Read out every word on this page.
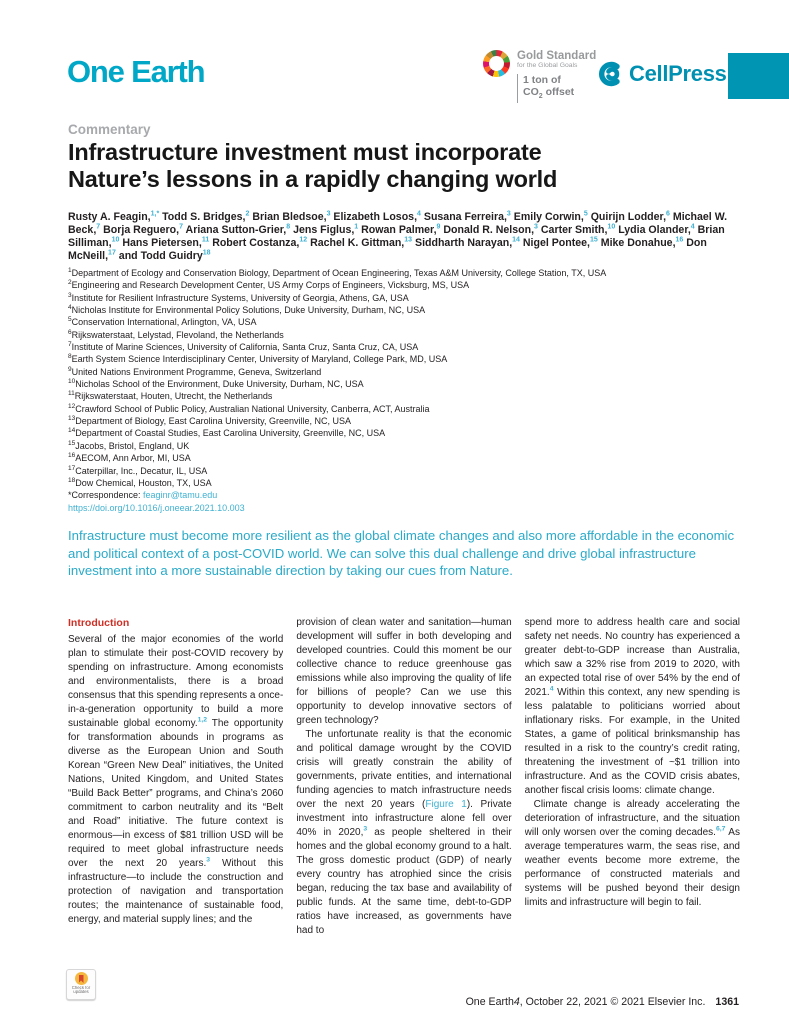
One Earth	Gold Standard
for the Global Goals
1 ton of
$CO_2$ offset
CellPress
Commentary
Infrastructure investment must incorporate
Nature’s lessons in a rapidly changing world
Rusty A. Feagin,$^{1,*}$ Todd S. Bridges,$^2$ Brian Bledsoe,$^3$ Elizabeth Losos,$^4$ Susana Ferreira,$^3$ Emily Corwin,$^5$ Quirijn Lodder,$^6$ Michael W. Beck,$^7$ Borja Reguero,$^7$ Ariana Sutton-Grier,$^8$ Jens Figlus,$^1$ Rowan Palmer,$^9$ Donald R. Nelson,$^3$ Carter Smith,$^{10}$ Lydia Olander,$^4$ Brian Silliman,$^{10}$ Hans Pietersen,$^{11}$ Robert Costanza,$^{12}$ Rachel K. Gittman,$^{13}$ Siddharth Narayan,$^{14}$ Nigel Pontee,$^{15}$ Mike Donahue,$^{16}$ Don McNeill,$^{17}$ and Todd Guidry$^{18}$
$^1$Department of Ecology and Conservation Biology, Department of Ocean Engineering, Texas A&M University, College Station, TX, USA
$^2$Engineering and Research Development Center, US Army Corps of Engineers, Vicksburg, MS, USA
$^3$Institute for Resilient Infrastructure Systems, University of Georgia, Athens, GA, USA
$^4$Nicholas Institute for Environmental Policy Solutions, Duke University, Durham, NC, USA
$^5$Conservation International, Arlington, VA, USA
$^6$Rijkswaterstaat, Lelystad, Flevoland, the Netherlands
$^7$Institute of Marine Sciences, University of California, Santa Cruz, Santa Cruz, CA, USA
$^8$Earth System Science Interdisciplinary Center, University of Maryland, College Park, MD, USA
$^9$United Nations Environment Programme, Geneva, Switzerland
$^{10}$Nicholas School of the Environment, Duke University, Durham, NC, USA
$^{11}$Rijkswaterstaat, Houten, Utrecht, the Netherlands
$^{12}$Crawford School of Public Policy, Australian National University, Canberra, ACT, Australia
$^{13}$Department of Biology, East Carolina University, Greenville, NC, USA
$^{14}$Department of Coastal Studies, East Carolina University, Greenville, NC, USA
$^{15}$Jacobs, Bristol, England, UK
$^{16}$AECOM, Ann Arbor, MI, USA
$^{17}$Caterpillar, Inc., Decatur, IL, USA
$^{18}$Dow Chemical, Houston, TX, USA
*Correspondence: feaginr@tamu.edu
https://doi.org/10.1016/j.oneear.2021.10.003
Infrastructure must become more resilient as the global climate changes and also more affordable in the economic and political context of a post-COVID world. We can solve this dual challenge and drive global infrastructure investment into a more sustainable direction by taking our cues from Nature.
Introduction

Several of the major economies of the world plan to stimulate their post-COVID recovery by spending on infrastructure. Among economists and environmentalists, there is a broad consensus that this spending represents a once-in-a-generation opportunity to build a more sustainable global economy.$^{1,2}$ The opportunity for transformation abounds in programs as diverse as the European Union and South Korean “Green New Deal” initiatives, the United Nations, United Kingdom, and United States “Build Back Better” programs, and China’s 2060 commitment to carbon neutrality and its “Belt and Road” initiative. The future context is enormous—in excess of $81 trillion USD will be required to meet global infrastructure needs over the next 20 years.$^3$ Without this infrastructure—to include the construction and protection of navigation and transportation routes; the maintenance of sustainable food, energy, and material supply lines; and the

provision of clean water and sanitation—human development will suffer in both developing and developed countries. Could this moment be our collective chance to reduce greenhouse gas emissions while also improving the quality of life for billions of people? Can we use this opportunity to develop innovative sectors of green technology?

The unfortunate reality is that the economic and political damage wrought by the COVID crisis will greatly constrain the ability of governments, private entities, and international funding agencies to match infrastructure needs over the next 20 years (Figure 1). Private investment into infrastructure alone fell over 40% in 2020,$^3$ as people sheltered in their homes and the global economy ground to a halt. The gross domestic product (GDP) of nearly every country has atrophied since the crisis began, reducing the tax base and availability of public funds. At the same time, debt-to-GDP ratios have increased, as governments have had to

spend more to address health care and social safety net needs. No country has experienced a greater debt-to-GDP increase than Australia, which saw a 32% rise from 2019 to 2020, with an expected total rise of over 54% by the end of 2021.$^4$ Within this context, any new spending is less palatable to politicians worried about inflationary risks. For example, in the United States, a game of political brinksmanship has resulted in a risk to the country’s credit rating, threatening the investment of ~$1 trillion into infrastructure. And as the COVID crisis abates, another fiscal crisis looms: climate change.

Climate change is already accelerating the deterioration of infrastructure, and the situation will only worsen over the coming decades.$^{6,7}$ As average temperatures warm, the seas rise, and weather events become more extreme, the performance of constructed materials and systems will be pushed beyond their design limits and infrastructure will begin to fail.

Check for updates
One Earth 4 , October 22, 2021 © 2021 Elsevier Inc. 1361
